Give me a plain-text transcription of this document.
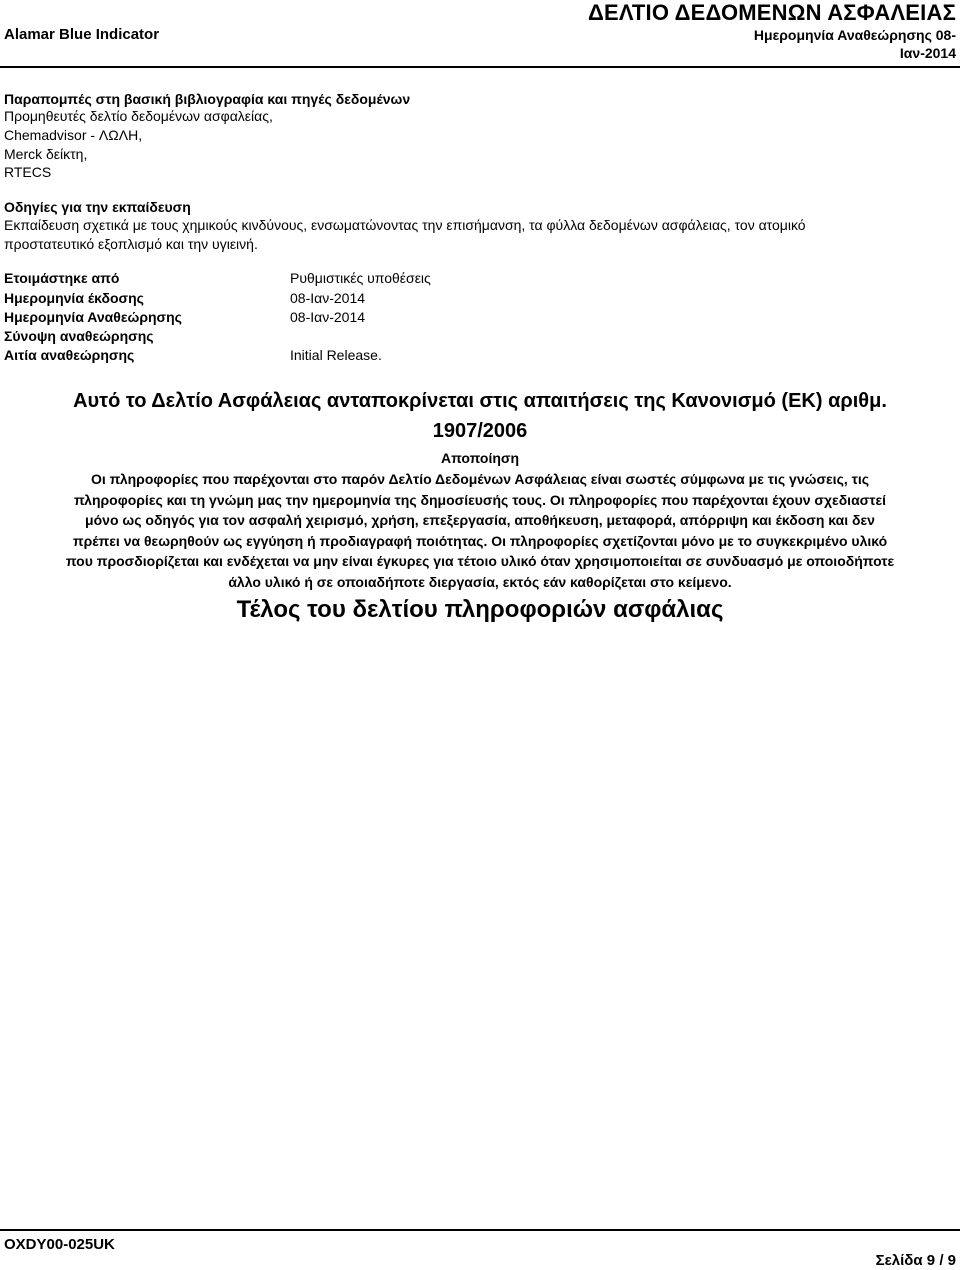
Alamar Blue Indicator
ΔΕΛΤΙΟ ΔΕΔΟΜΕΝΩΝ ΑΣΦΑΛΕΙΑΣ
Ημερομηνία Αναθεώρησης 08-Ιαν-2014
Παραπομπές στη βασική βιβλιογραφία και πηγές δεδομένων
Προμηθευτές δελτίο δεδομένων ασφαλείας,
Chemadvisor - ΛΩΛΗ,
Merck δείκτη,
RTECS
Οδηγίες για την εκπαίδευση
Εκπαίδευση σχετικά με τους χημικούς κινδύνους, ενσωματώνοντας την επισήμανση, τα φύλλα δεδομένων ασφάλειας, τον ατομικό
προστατευτικό εξοπλισμό και την υγιεινή.
Ετοιμάστηκε από	Ρυθμιστικές υποθέσεις
Ημερομηνία έκδοσης	08-Ιαν-2014
Ημερομηνία Αναθεώρησης	08-Ιαν-2014
Σύνοψη αναθεώρησης
Αιτία αναθεώρησης	Initial Release.
Αυτό το Δελτίο Ασφάλειας ανταποκρίνεται στις απαιτήσεις της Κανονισμό (ΕΚ) αριθμ.
1907/2006
Αποποίηση
Οι πληροφορίες που παρέχονται στο παρόν Δελτίο Δεδομένων Ασφάλειας είναι σωστές σύμφωνα με τις γνώσεις, τις
πληροφορίες και τη γνώμη μας την ημερομηνία της δημοσίευσής τους. Οι πληροφορίες που παρέχονται έχουν σχεδιαστεί
μόνο ως οδηγός για τον ασφαλή χειρισμό, χρήση, επεξεργασία, αποθήκευση, μεταφορά, απόρριψη και έκδοση και δεν
πρέπει να θεωρηθούν ως εγγύηση ή προδιαγραφή ποιότητας. Οι πληροφορίες σχετίζονται μόνο με το συγκεκριμένο υλικό
που προσδιορίζεται και ενδέχεται να μην είναι έγκυρες για τέτοιο υλικό όταν χρησιμοποιείται σε συνδυασμό με οποιοδήποτε
άλλο υλικό ή σε οποιαδήποτε διεργασία, εκτός εάν καθορίζεται στο κείμενο.
Τέλος του δελτίου πληροφοριών ασφάλιας
OXDY00-025UK
Σελίδα 9 / 9
